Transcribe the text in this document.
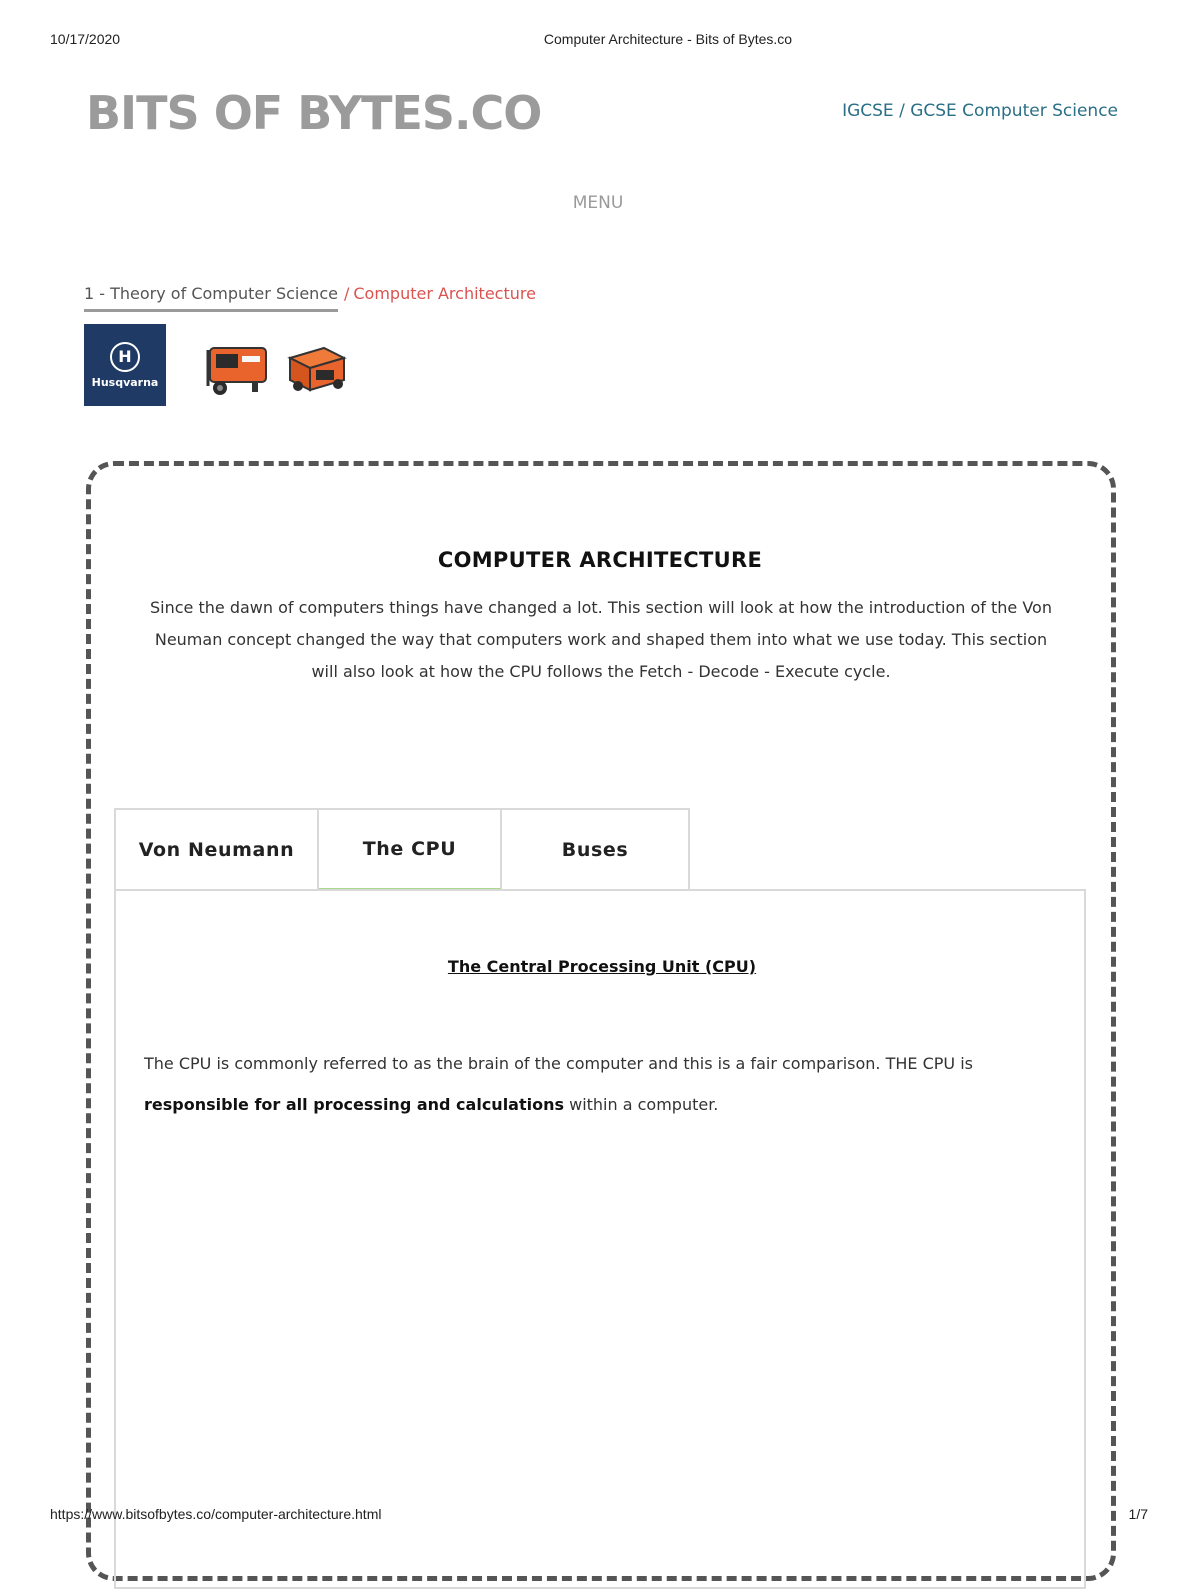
10/17/2020	Computer Architecture - Bits of Bytes.co
BITS OF BYTES.CO	IGCSE / GCSE Computer Science
MENU
1 - Theory of Computer Science / Computer Architecture
H
Husqvarna
COMPUTER ARCHITECTURE
Since the dawn of computers things have changed a lot. This section will look at how the introduction of the Von Neuman concept changed the way that computers work and shaped them into what we use today. This section will also look at how the CPU follows the Fetch - Decode - Execute cycle.
Von Neumann	The CPU	Buses
The Central Processing Unit (CPU)

The CPU is commonly referred to as the brain of the computer and this is a fair comparison. THE CPU is responsible for all processing and calculations within a computer.

https://www.bitsofbytes.co/computer-architecture.html	1/7
